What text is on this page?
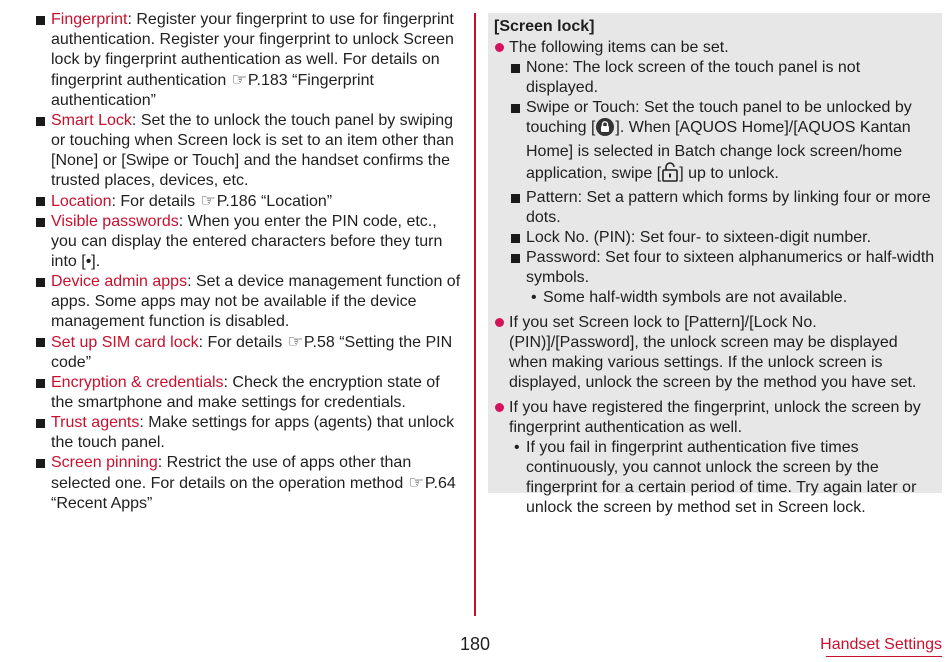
Fingerprint: Register your fingerprint to use for fingerprint authentication. Register your fingerprint to unlock Screen lock by fingerprint authentication as well. For details on fingerprint authentication ☞P.183 “Fingerprint authentication”
Smart Lock: Set the to unlock the touch panel by swiping or touching when Screen lock is set to an item other than [None] or [Swipe or Touch] and the handset confirms the trusted places, devices, etc.
Location: For details ☞P.186 “Location”
Visible passwords: When you enter the PIN code, etc., you can display the entered characters before they turn into [•].
Device admin apps: Set a device management function of apps. Some apps may not be available if the device management function is disabled.
Set up SIM card lock: For details ☞P.58 “Setting the PIN code”
Encryption & credentials: Check the encryption state of the smartphone and make settings for credentials.
Trust agents: Make settings for apps (agents) that unlock the touch panel.
Screen pinning: Restrict the use of apps other than selected one. For details on the operation method ☞P.64 “Recent Apps”
[Screen lock]
The following items can be set.
None: The lock screen of the touch panel is not displayed.
Swipe or Touch: Set the touch panel to be unlocked by touching [ ]. When [AQUOS Home]/[AQUOS Kantan Home] is selected in Batch change lock screen/home application, swipe [ ] up to unlock.
Pattern: Set a pattern which forms by linking four or more dots.
Lock No. (PIN): Set four- to sixteen-digit number.
Password: Set four to sixteen alphanumerics or half-width symbols.
• Some half-width symbols are not available.
If you set Screen lock to [Pattern]/[Lock No. (PIN)]/[Password], the unlock screen may be displayed when making various settings. If the unlock screen is displayed, unlock the screen by the method you have set.
If you have registered the fingerprint, unlock the screen by fingerprint authentication as well.
• If you fail in fingerprint authentication five times continuously, you cannot unlock the screen by the fingerprint for a certain period of time. Try again later or unlock the screen by method set in Screen lock.
180	Handset Settings
